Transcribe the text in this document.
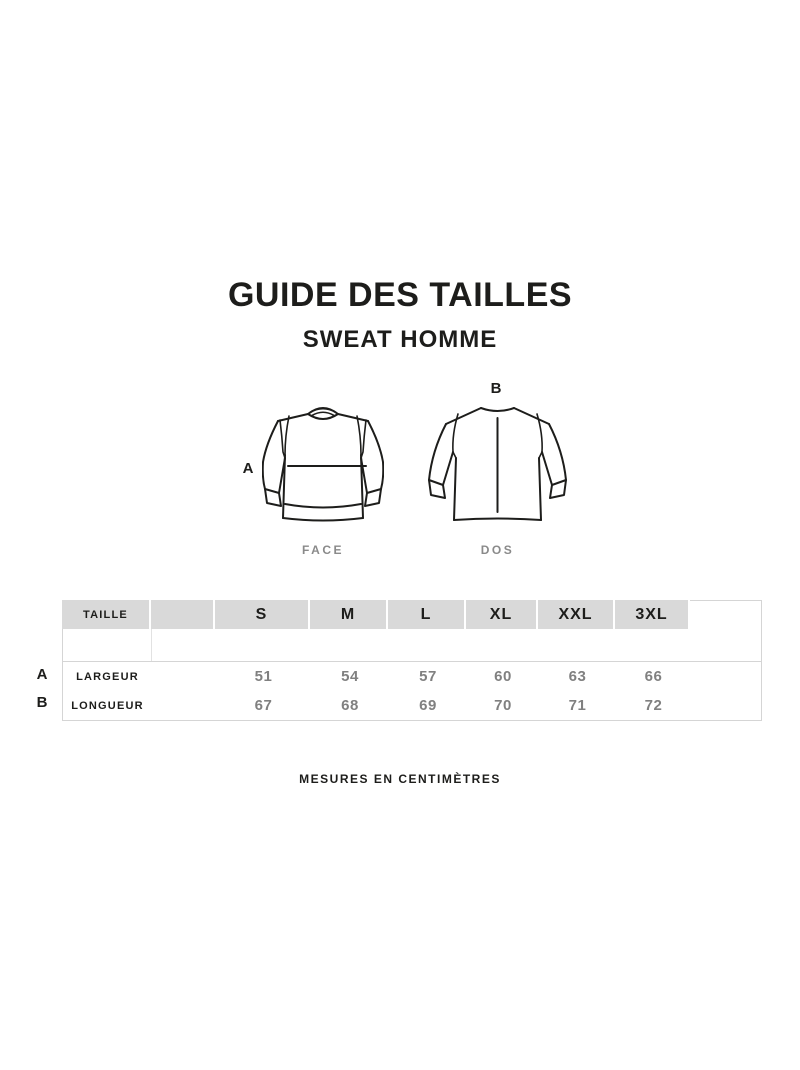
GUIDE DES TAILLES
SWEAT HOMME
A
FACE
B
DOS
TAILLE	S	M	L	XL	XXL	3XL
LARGEUR	51	54	57	60	63	66
LONGUEUR	67	68	69	70	71	72
A
B
MESURES EN CENTIMÈTRES
